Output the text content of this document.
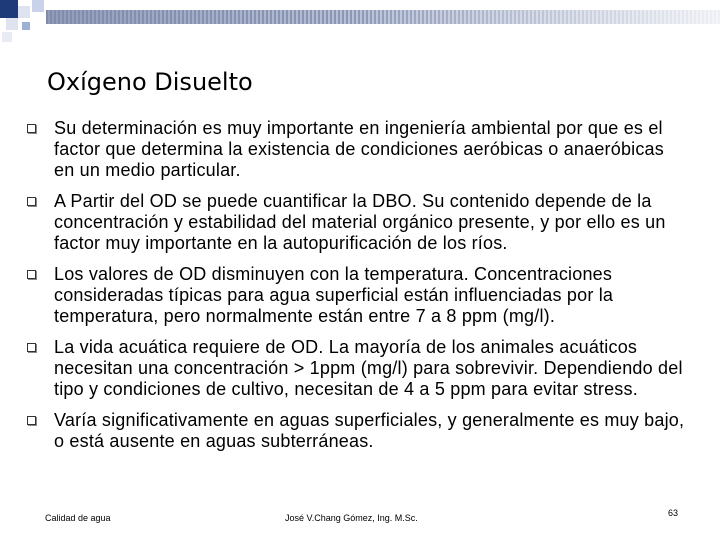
Oxígeno Disuelto
Su determinación es muy importante en ingeniería ambiental por que es el factor que determina la existencia de condiciones aeróbicas o anaeróbicas en un medio particular.
A Partir del OD se puede cuantificar la DBO. Su contenido depende de la concentración y estabilidad del material orgánico presente, y por ello es un factor muy importante en la autopurificación de los ríos.
Los valores de OD disminuyen con la temperatura. Concentraciones consideradas típicas para agua superficial están influenciadas por la temperatura, pero normalmente están entre 7 a 8 ppm (mg/l).
La vida acuática requiere de OD. La mayoría de los animales acuáticos necesitan una concentración > 1ppm (mg/l) para sobrevivir. Dependiendo del tipo y condiciones de cultivo, necesitan de 4 a 5 ppm para evitar stress.
Varía significativamente en aguas superficiales, y generalmente es muy bajo, o está ausente en aguas subterráneas.
Calidad de agua	José V.Chang Gómez, Ing. M.Sc.	63
